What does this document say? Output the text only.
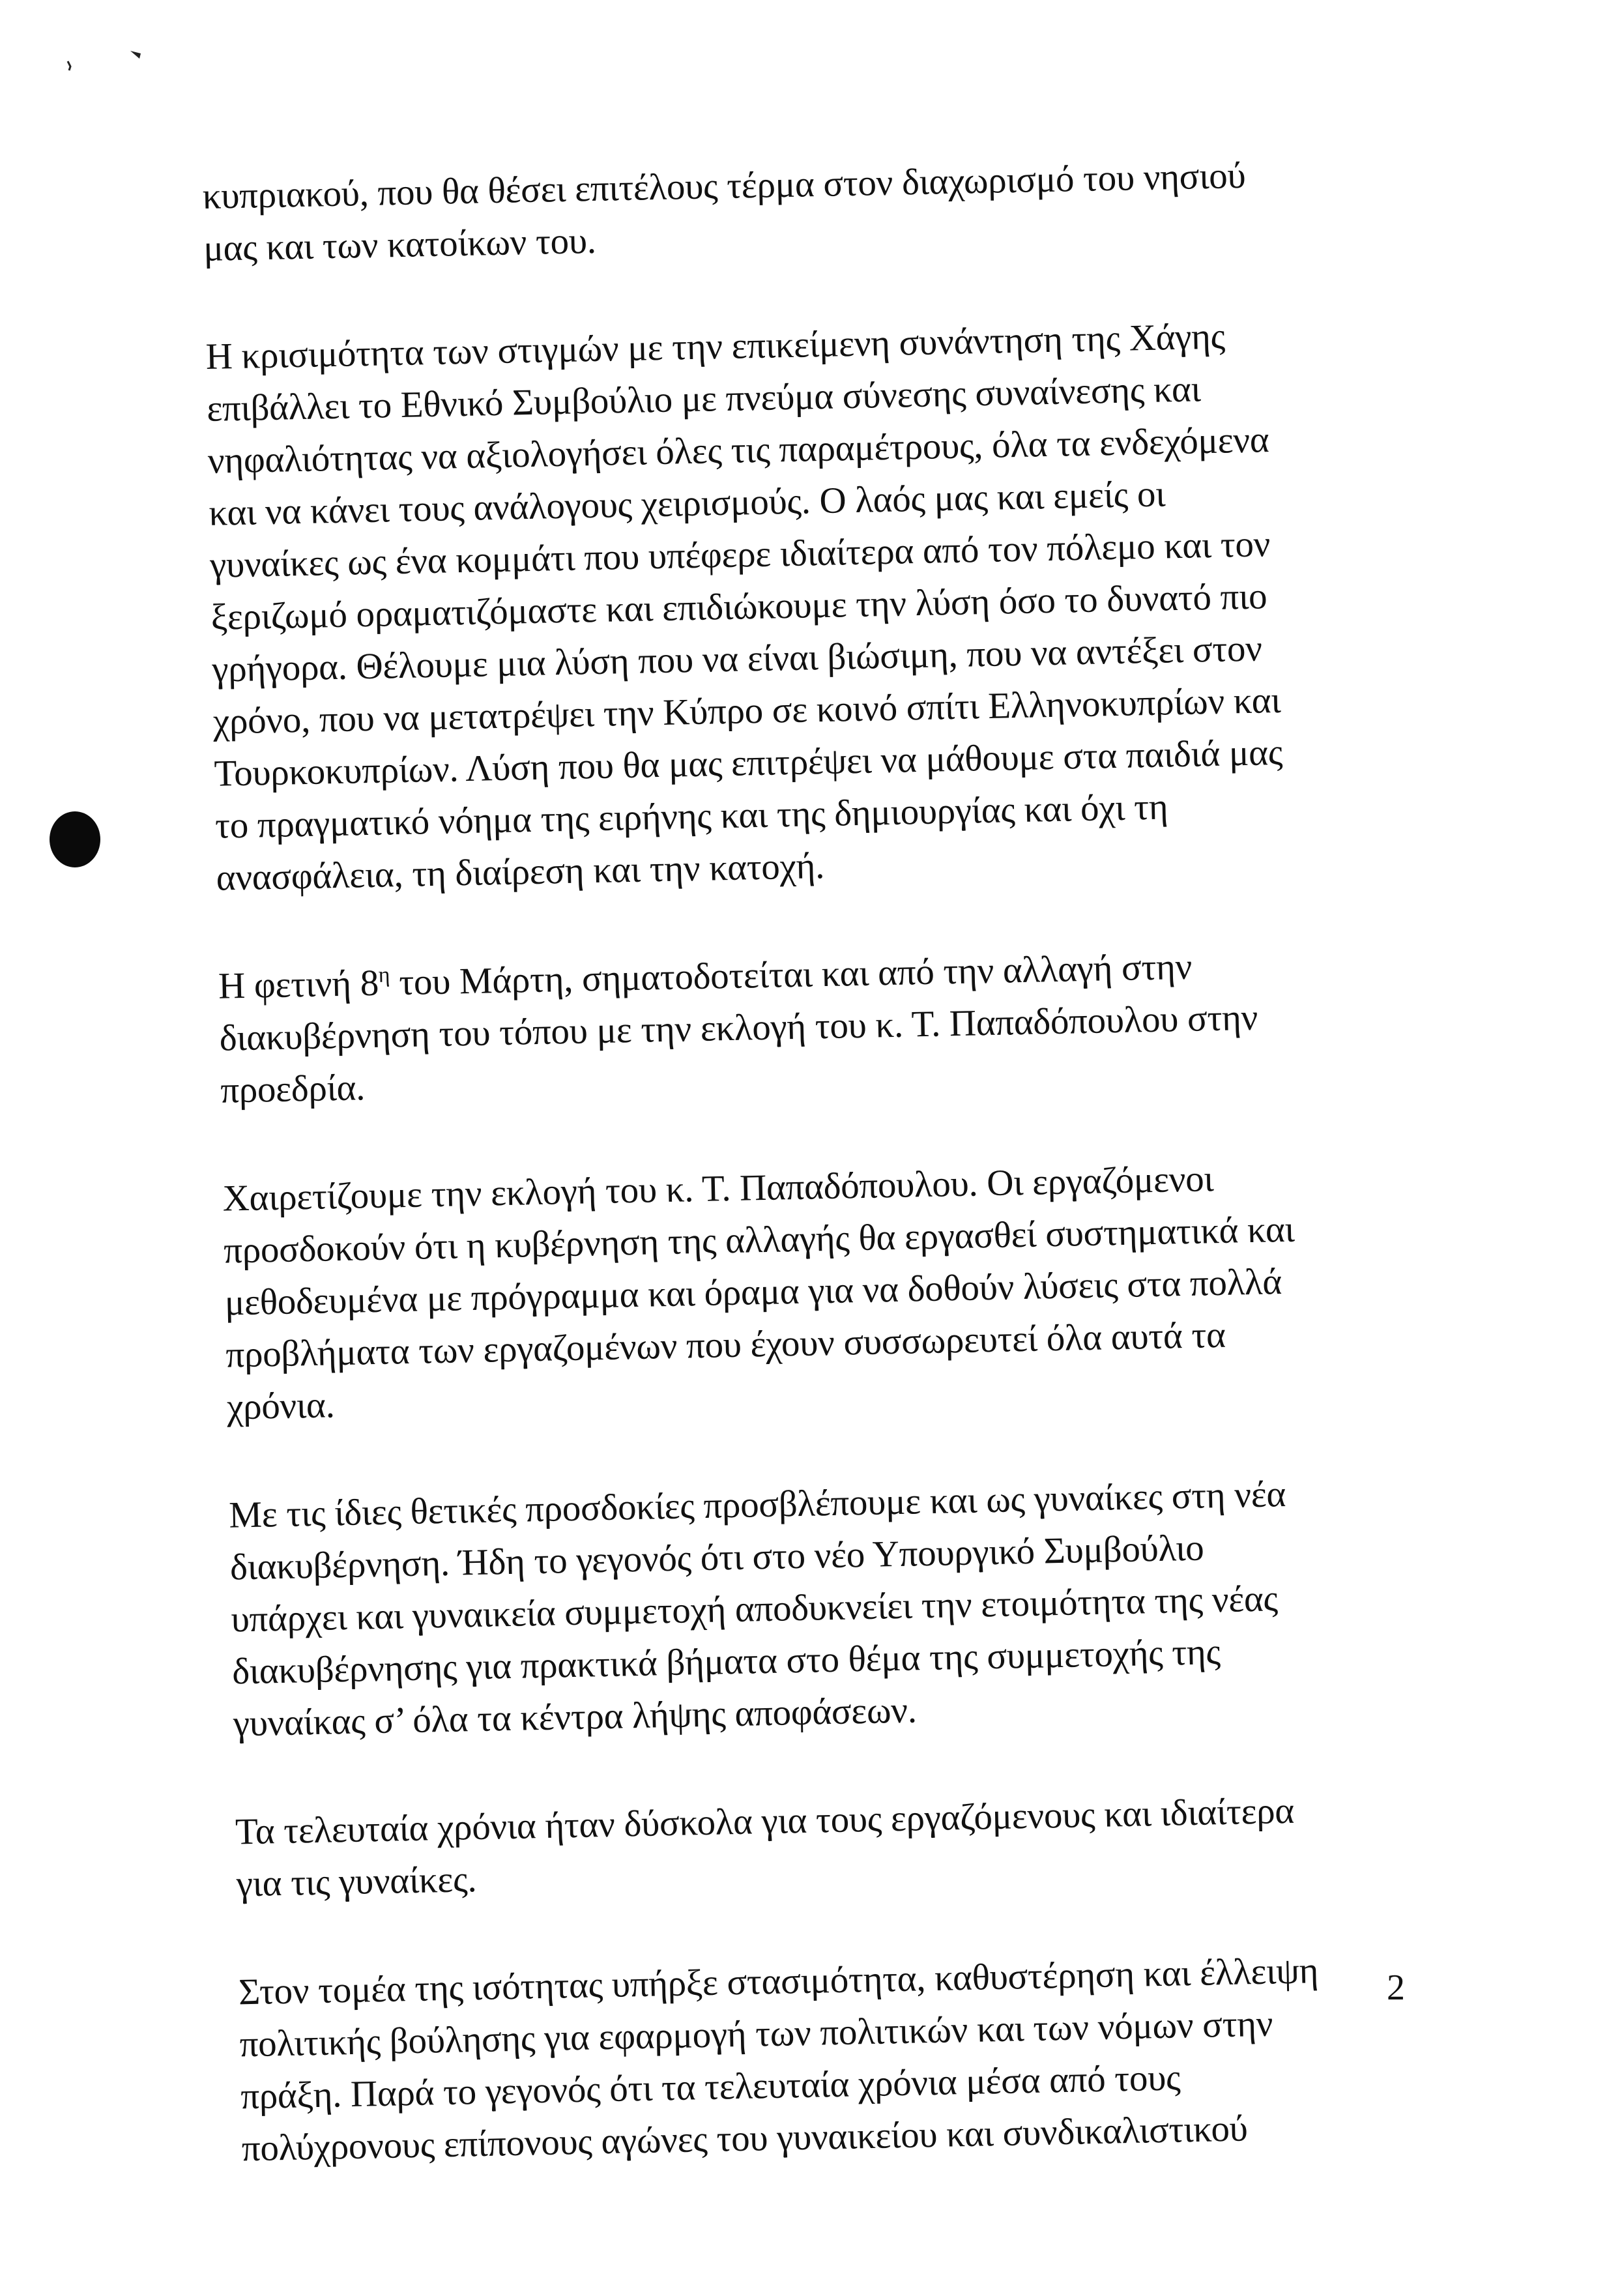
κυπριακού, που θα θέσει επιτέλους τέρμα στον διαχωρισμό του νησιού
μας και των κατοίκων του.

Η κρισιμότητα των στιγμών με την επικείμενη συνάντηση της Χάγης
επιβάλλει το Εθνικό Συμβούλιο με πνεύμα σύνεσης συναίνεσης και
νηφαλιότητας να αξιολογήσει όλες τις παραμέτρους, όλα τα ενδεχόμενα
και να κάνει τους ανάλογους χειρισμούς. Ο λαός μας και εμείς οι
γυναίκες ως ένα κομμάτι που υπέφερε ιδιαίτερα από τον πόλεμο και τον
ξεριζωμό οραματιζόμαστε και επιδιώκουμε την λύση όσο το δυνατό πιο
γρήγορα. Θέλουμε μια λύση που να είναι βιώσιμη, που να αντέξει στον
χρόνο, που να μετατρέψει την Κύπρο σε κοινό σπίτι Ελληνοκυπρίων και
Τουρκοκυπρίων. Λύση που θα μας επιτρέψει να μάθουμε στα παιδιά μας
το πραγματικό νόημα της ειρήνης και της δημιουργίας και όχι τη
ανασφάλεια, τη διαίρεση και την κατοχή.

Η φετινή $8^\eta$ του Μάρτη, σηματοδοτείται και από την αλλαγή στην
διακυβέρνηση του τόπου με την εκλογή του κ. Τ. Παπαδόπουλου στην
προεδρία.

Χαιρετίζουμε την εκλογή του κ. Τ. Παπαδόπουλου. Οι εργαζόμενοι
προσδοκούν ότι η κυβέρνηση της αλλαγής θα εργασθεί συστηματικά και
μεθοδευμένα με πρόγραμμα και όραμα για να δοθούν λύσεις στα πολλά
προβλήματα των εργαζομένων που έχουν συσσωρευτεί όλα αυτά τα
χρόνια.

Με τις ίδιες θετικές προσδοκίες προσβλέπουμε και ως γυναίκες στη νέα
διακυβέρνηση. Ήδη το γεγονός ότι στο νέο Υπουργικό Συμβούλιο
υπάρχει και γυναικεία συμμετοχή αποδυκνείει την ετοιμότητα της νέας
διακυβέρνησης για πρακτικά βήματα στο θέμα της συμμετοχής της
γυναίκας σ’ όλα τα κέντρα λήψης αποφάσεων.

Τα τελευταία χρόνια ήταν δύσκολα για τους εργαζόμενους και ιδιαίτερα
για τις γυναίκες.

Στον τομέα της ισότητας υπήρξε στασιμότητα, καθυστέρηση και έλλειψη
πολιτικής βούλησης για εφαρμογή των πολιτικών και των νόμων στην
πράξη. Παρά το γεγονός ότι τα τελευταία χρόνια μέσα από τους
πολύχρονους επίπονους αγώνες του γυναικείου και συνδικαλιστικού

2
